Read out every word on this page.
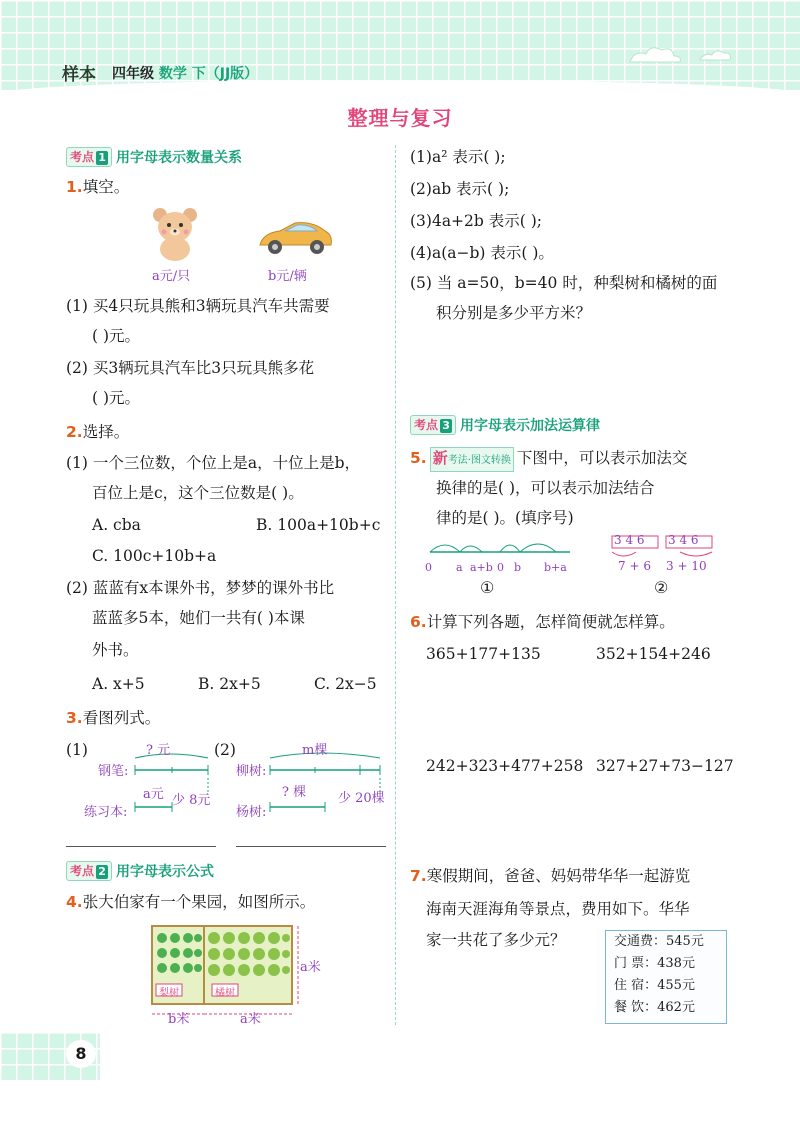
样本 四年级 数学 下（JJ版）
整理与复习
考点 1 用字母表示数量关系
1.填空。
a元/只	b元/辆
(1) 买4只玩具熊和3辆玩具汽车共需要
( )元。
(2) 买3辆玩具汽车比3只玩具熊多花
( )元。
2.选择。
(1) 一个三位数，个位上是a，十位上是b，
百位上是c，这个三位数是( )。
A. cba	B. 100a+10b+c
C. 100c+10b+a
(2) 蓝蓝有x本课外书，梦梦的课外书比
蓝蓝多5本，她们一共有( )本课
外书。
A. x+5	B. 2x+5	C. 2x−5
3.看图列式。
(1)	(2)
? 元
钢笔:
a元 少 8元
练习本:
m棵
柳树:
? 棵 少 20棵
杨树:
考点 2 用字母表示公式
4.张大伯家有一个果园，如图所示。
梨树	橘树
a米
b米	a米
(1)a² 表示( );
(2)ab 表示( );
(3)4a+2b 表示( );
(4)a(a−b) 表示( )。
(5) 当 a=50，b=40 时，种梨树和橘树的面
积分别是多少平方米？
考点 3 用字母表示加法运算律
5. 新考法·图文转换 下图中，可以表示加法交
换律的是( )，可以表示加法结合
律的是( )。(填序号)
0 a a+b 0 b b+a
①
3 4 6 3 4 6
7 + 6 3 + 10
②
6.计算下列各题，怎样简便就怎样算。
365+177+135	352+154+246
242+323+477+258 327+27+73−127
7.寒假期间，爸爸、妈妈带华华一起游览
海南天涯海角等景点，费用如下。华华
家一共花了多少元？	交通费：545元
门 票：438元
住 宿：455元
餐 饮：462元
8
